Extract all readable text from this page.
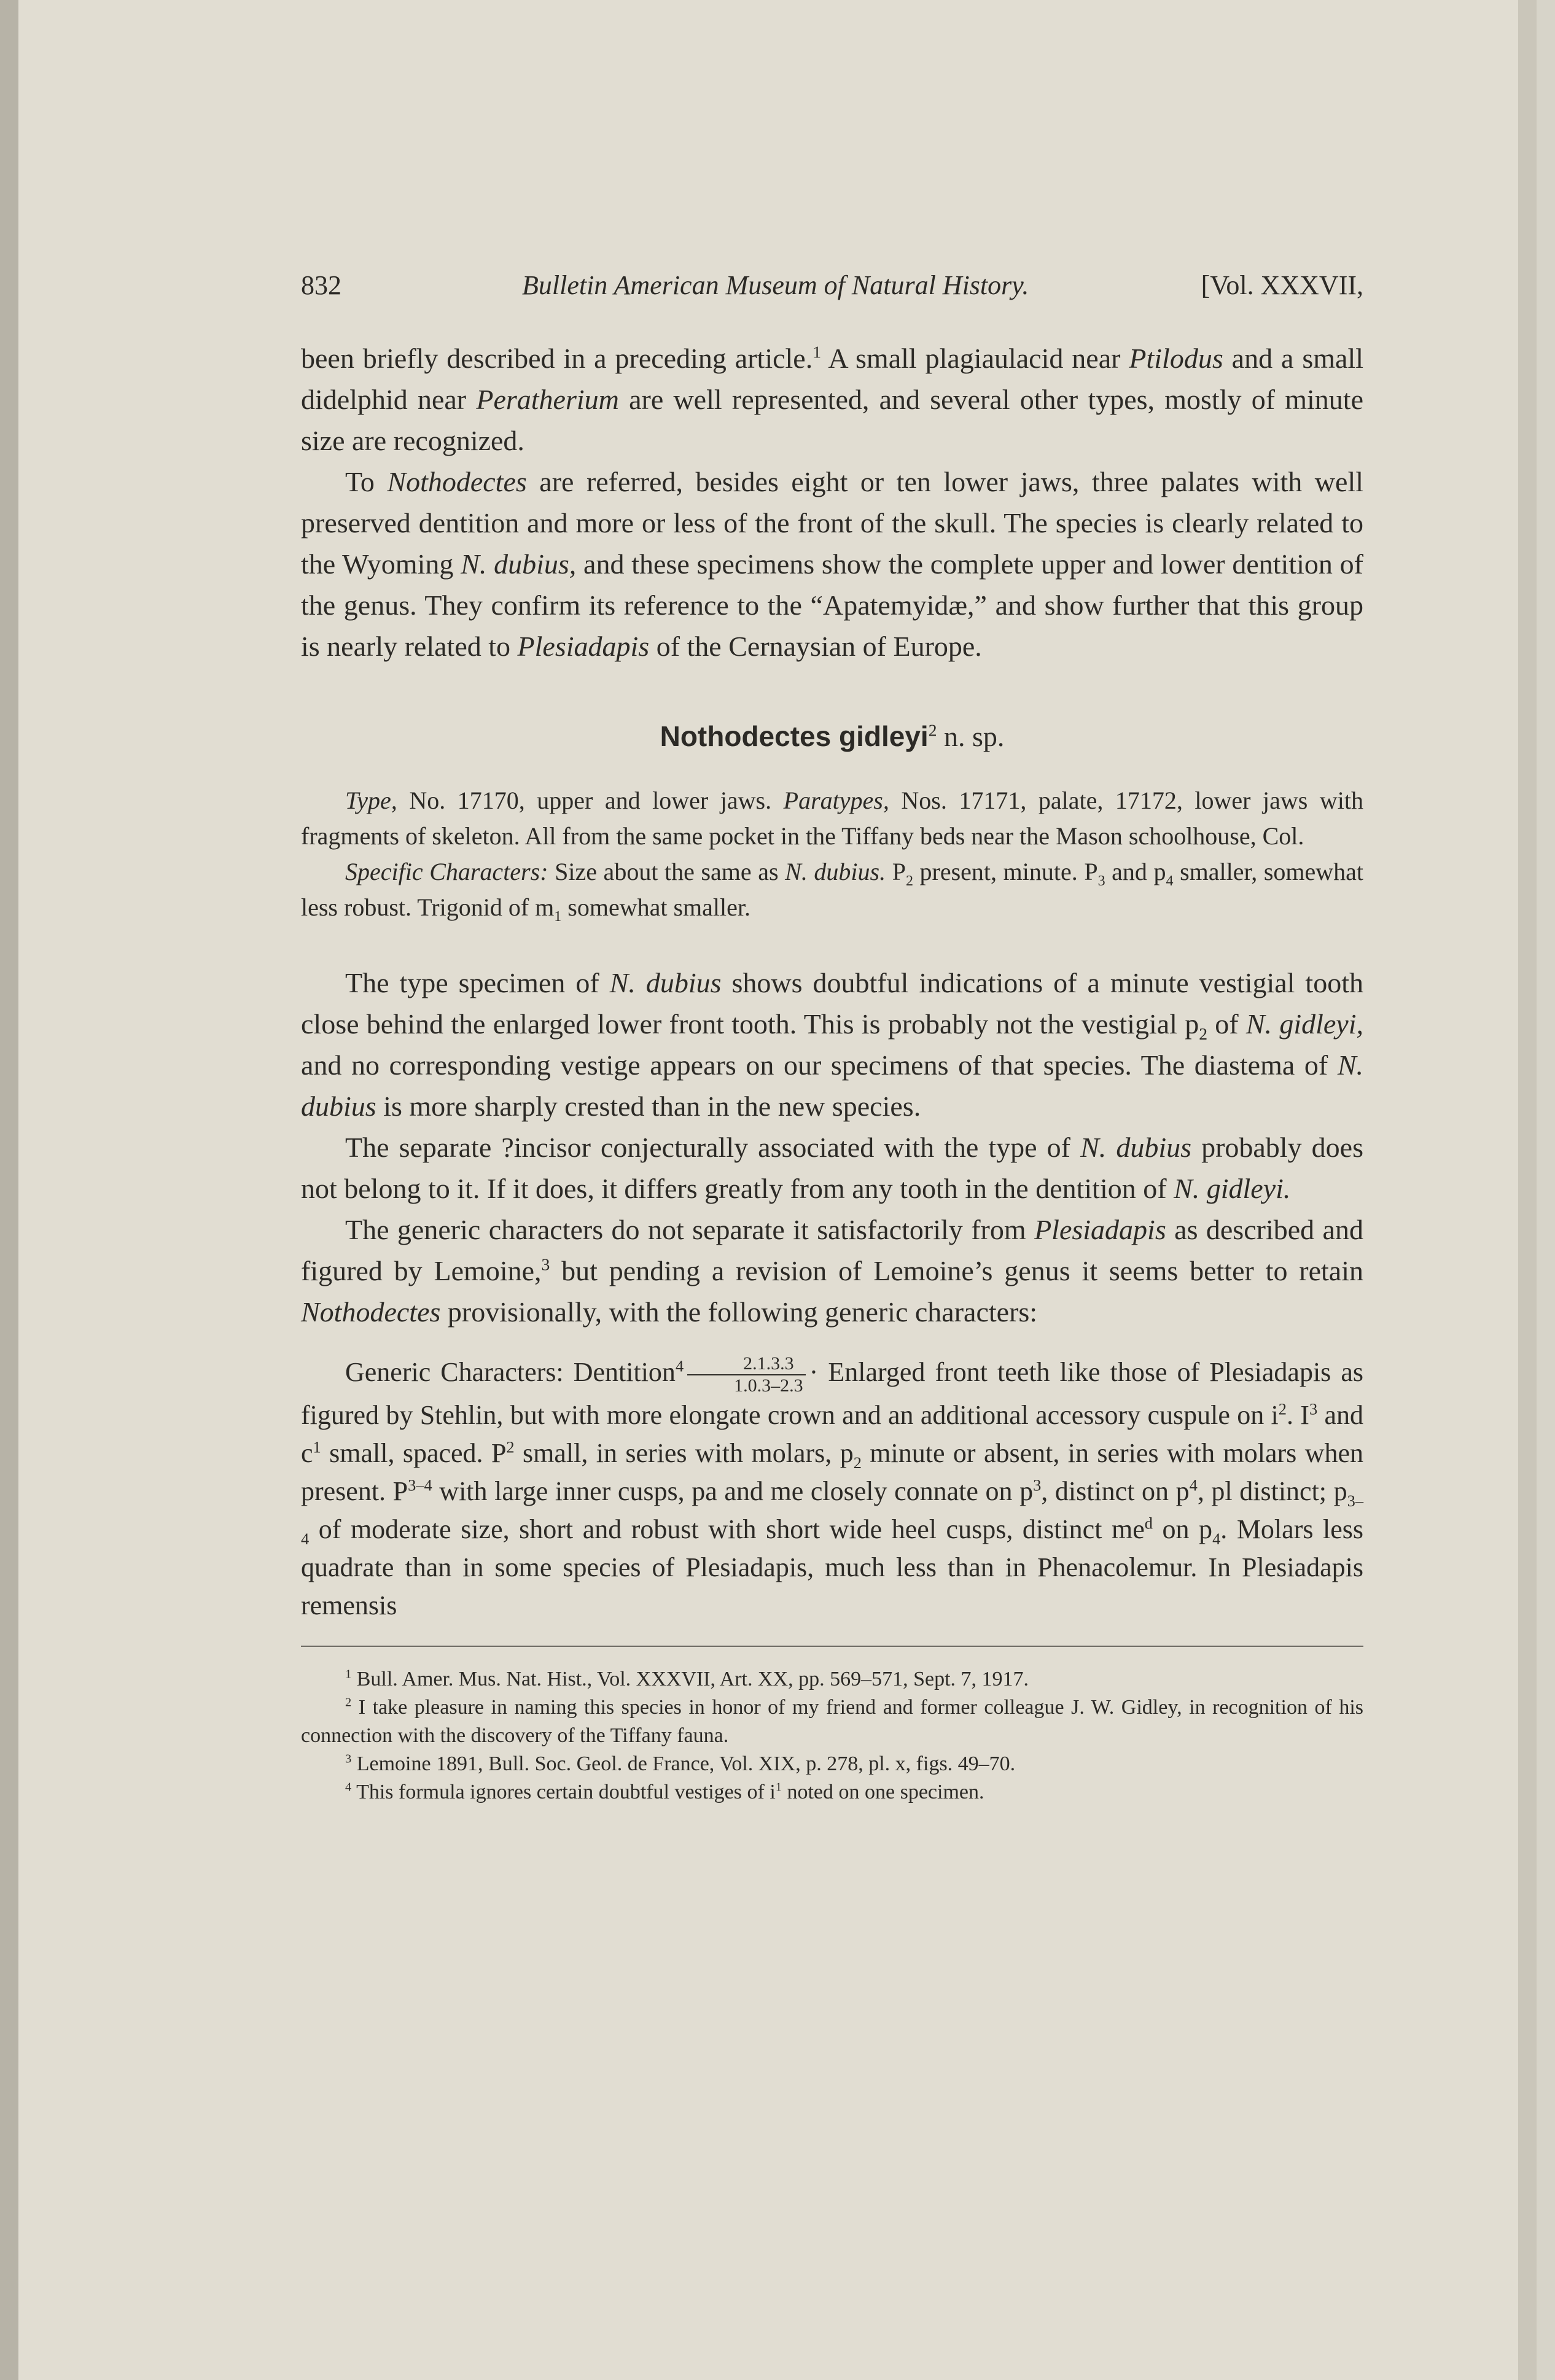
832	Bulletin American Museum of Natural History.	[Vol. XXXVII,

been briefly described in a preceding article.$^1$ A small plagiaulacid near Ptilodus and a small didelphid near Peratherium are well represented, and several other types, mostly of minute size are recognized.

To Nothodectes are referred, besides eight or ten lower jaws, three palates with well preserved dentition and more or less of the front of the skull. The species is clearly related to the Wyoming N. dubius, and these specimens show the complete upper and lower dentition of the genus. They confirm its reference to the “Apatemyidæ,” and show further that this group is nearly related to Plesiadapis of the Cernaysian of Europe.

Nothodectes gidleyi$^2$ n. sp.

Type, No. 17170, upper and lower jaws. Paratypes, Nos. 17171, palate, 17172, lower jaws with fragments of skeleton. All from the same pocket in the Tiffany beds near the Mason schoolhouse, Col.

Specific Characters: Size about the same as N. dubius. $P_2$ present, minute. $P_3$ and $p_4$ smaller, somewhat less robust. Trigonid of $m_1$ somewhat smaller.

The type specimen of N. dubius shows doubtful indications of a minute vestigial tooth close behind the enlarged lower front tooth. This is probably not the vestigial $p_2$ of N. gidleyi, and no corresponding vestige appears on our specimens of that species. The diastema of N. dubius is more sharply crested than in the new species.

The separate ?incisor conjecturally associated with the type of N. dubius probably does not belong to it. If it does, it differs greatly from any tooth in the dentition of N. gidleyi.

The generic characters do not separate it satisfactorily from Plesiadapis as described and figured by Lemoine,$^3$ but pending a revision of Lemoine’s genus it seems better to retain Nothodectes provisionally, with the following generic characters:

Generic Characters: Dentition$^4$ $\frac{2.1.3.3}{1.0.3-2.3}$ · Enlarged front teeth like those of Plesiadapis as figured by Stehlin, but with more elongate crown and an additional accessory cuspule on $i^2$. $I^3$ and $c^1$ small, spaced. $P^2$ small, in series with molars, $p_2$ minute or absent, in series with molars when present. $P^{3-4}$ with large inner cusps, pa and me closely connate on $p^3$, distinct on $p^4$, pl distinct; $p_{3-4}$ of moderate size, short and robust with short wide heel cusps, distinct $me^d$ on $p_4$. Molars less quadrate than in some species of Plesiadapis, much less than in Phenacolemur. In Plesiadapis remensis

$^1$ Bull. Amer. Mus. Nat. Hist., Vol. XXXVII, Art. XX, pp. 569–571, Sept. 7, 1917.

$^2$ I take pleasure in naming this species in honor of my friend and former colleague J. W. Gidley, in recognition of his connection with the discovery of the Tiffany fauna.

$^3$ Lemoine 1891, Bull. Soc. Geol. de France, Vol. XIX, p. 278, pl. x, figs. 49–70.

$^4$ This formula ignores certain doubtful vestiges of $i^1$ noted on one specimen.
